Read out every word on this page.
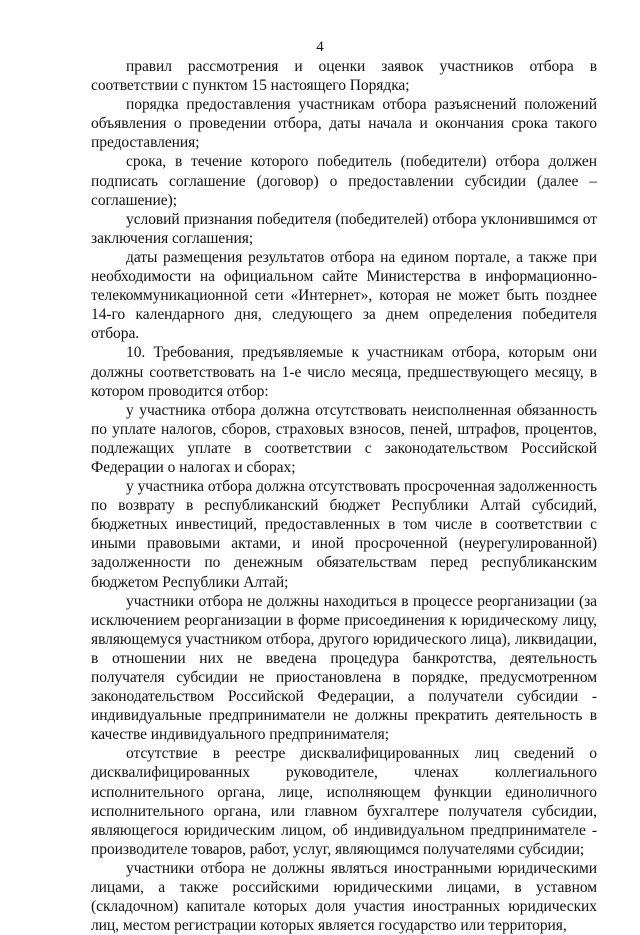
4

правил рассмотрения и оценки заявок участников отбора в соответствии с пунктом 15 настоящего Порядка;

порядка предоставления участникам отбора разъяснений положений объявления о проведении отбора, даты начала и окончания срока такого предоставления;

срока, в течение которого победитель (победители) отбора должен подписать соглашение (договор) о предоставлении субсидии (далее – соглашение);

условий признания победителя (победителей) отбора уклонившимся от заключения соглашения;

даты размещения результатов отбора на едином портале, а также при необходимости на официальном сайте Министерства в информационно-телекоммуникационной сети «Интернет», которая не может быть позднее 14-го календарного дня, следующего за днем определения победителя отбора.

10. Требования, предъявляемые к участникам отбора, которым они должны соответствовать на 1-е число месяца, предшествующего месяцу, в котором проводится отбор:

у участника отбора должна отсутствовать неисполненная обязанность по уплате налогов, сборов, страховых взносов, пеней, штрафов, процентов, подлежащих уплате в соответствии с законодательством Российской Федерации о налогах и сборах;

у участника отбора должна отсутствовать просроченная задолженность по возврату в республиканский бюджет Республики Алтай субсидий, бюджетных инвестиций, предоставленных в том числе в соответствии с иными правовыми актами, и иной просроченной (неурегулированной) задолженности по денежным обязательствам перед республиканским бюджетом Республики Алтай;

участники отбора не должны находиться в процессе реорганизации (за исключением реорганизации в форме присоединения к юридическому лицу, являющемуся участником отбора, другого юридического лица), ликвидации, в отношении них не введена процедура банкротства, деятельность получателя субсидии не приостановлена в порядке, предусмотренном законодательством Российской Федерации, а получатели субсидии - индивидуальные предприниматели не должны прекратить деятельность в качестве индивидуального предпринимателя;

отсутствие в реестре дисквалифицированных лиц сведений о дисквалифицированных руководителе, членах коллегиального исполнительного органа, лице, исполняющем функции единоличного исполнительного органа, или главном бухгалтере получателя субсидии, являющегося юридическим лицом, об индивидуальном предпринимателе - производителе товаров, работ, услуг, являющимся получателями субсидии;

участники отбора не должны являться иностранными юридическими лицами, а также российскими юридическими лицами, в уставном (складочном) капитале которых доля участия иностранных юридических лиц, местом регистрации которых является государство или территория,
